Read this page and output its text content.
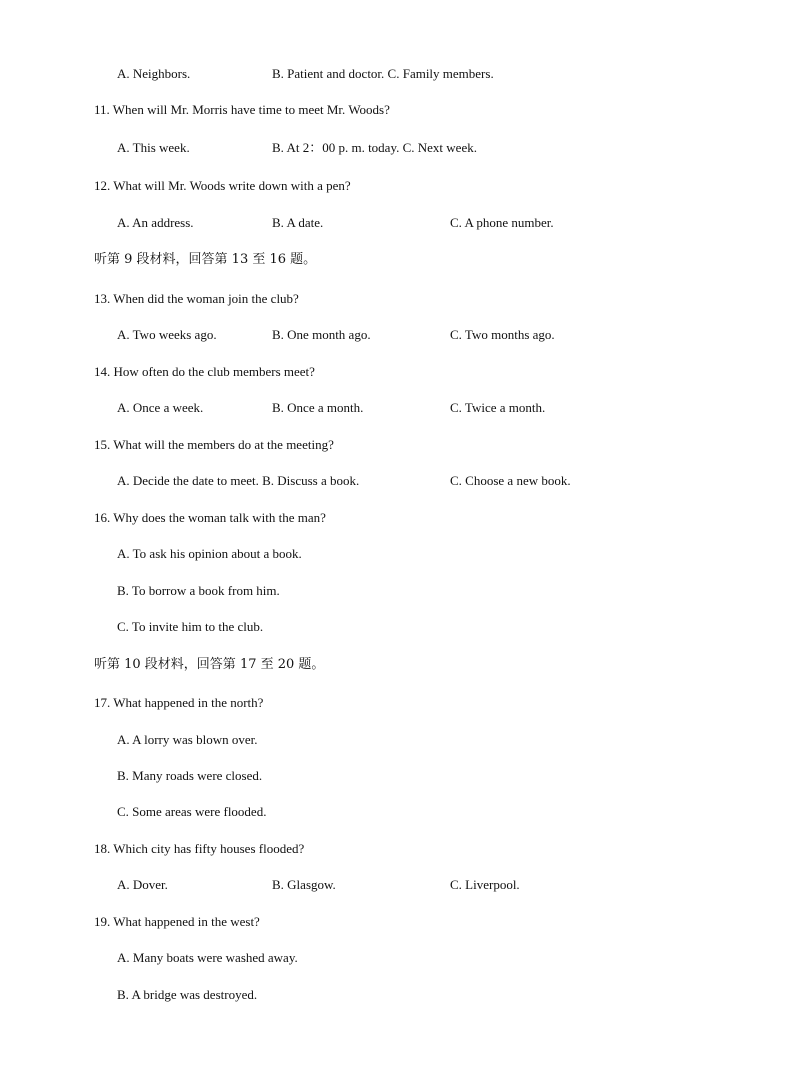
A. Neighbors.	B. Patient and doctor. C. Family members.
11. When will Mr. Morris have time to meet Mr. Woods?
A. This week.	B. At 2：00 p. m. today. C. Next week.
12. What will Mr. Woods write down with a pen?
A. An address.	B. A date.	C. A phone number.
听第 9 段材料，回答第 13 至 16 题。
13. When did the woman join the club?
A. Two weeks ago.	B. One month ago.	C. Two months ago.
14. How often do the club members meet?
A. Once a week.	B. Once a month.	C. Twice a month.
15. What will the members do at the meeting?
A. Decide the date to meet. B. Discuss a book.	C. Choose a new book.
16. Why does the woman talk with the man?
A. To ask his opinion about a book.
B. To borrow a book from him.
C. To invite him to the club.
听第 10 段材料，回答第 17 至 20 题。
17. What happened in the north?
A. A lorry was blown over.
B. Many roads were closed.
C. Some areas were flooded.
18. Which city has fifty houses flooded?
A. Dover.	B. Glasgow.	C. Liverpool.
19. What happened in the west?
A. Many boats were washed away.
B. A bridge was destroyed.
